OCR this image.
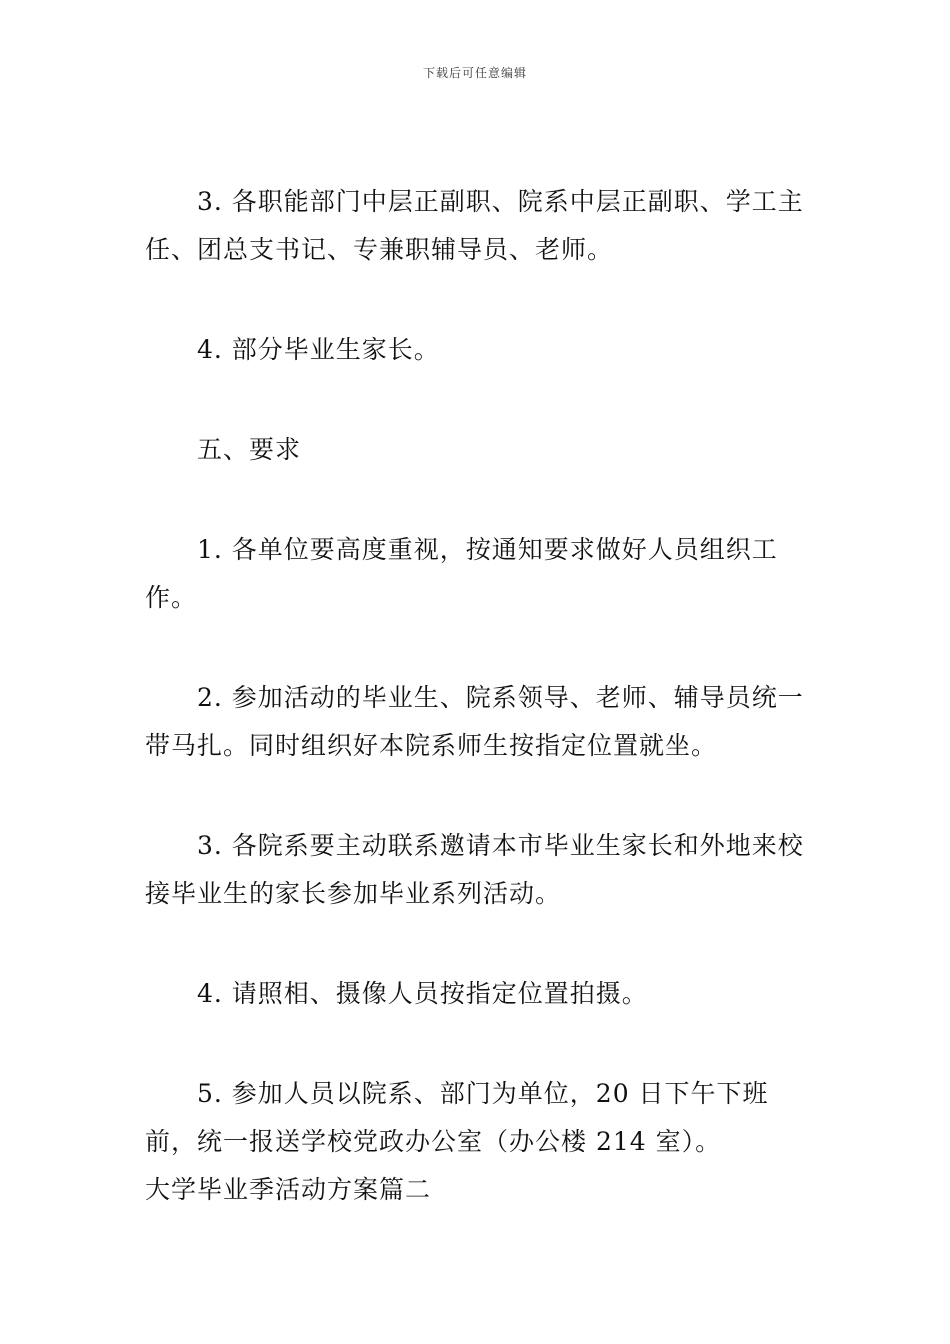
下载后可任意编辑

3. 各职能部门中层正副职、院系中层正副职、学工主任、团总支书记、专兼职辅导员、老师。

4. 部分毕业生家长。

五、要求

1. 各单位要高度重视，按通知要求做好人员组织工作。

2. 参加活动的毕业生、院系领导、老师、辅导员统一带马扎。同时组织好本院系师生按指定位置就坐。

3. 各院系要主动联系邀请本市毕业生家长和外地来校接毕业生的家长参加毕业系列活动。

4. 请照相、摄像人员按指定位置拍摄。

5. 参加人员以院系、部门为单位，20 日下午下班前，统一报送学校党政办公室（办公楼 214 室）。

大学毕业季活动方案篇二
